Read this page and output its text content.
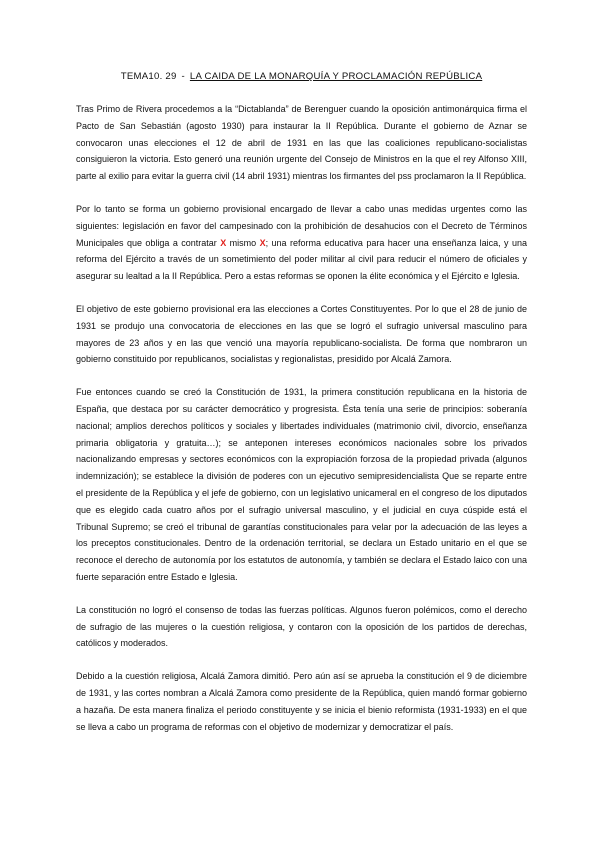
TEMA10. 29 - LA CAIDA DE LA MONARQUÍA Y PROCLAMACIÓN REPÚBLICA

Tras Primo de Rivera procedemos a la “Dictablanda” de Berenguer cuando la oposición antimonárquica firma el Pacto de San Sebastián (agosto 1930) para instaurar la II República. Durante el gobierno de Aznar se convocaron unas elecciones el 12 de abril de 1931 en las que las coaliciones republicano-socialistas consiguieron la victoria. Esto generó una reunión urgente del Consejo de Ministros en la que el rey Alfonso XIII, parte al exilio para evitar la guerra civil (14 abril 1931) mientras los firmantes del pss proclamaron la II República.

Por lo tanto se forma un gobierno provisional encargado de llevar a cabo unas medidas urgentes como las siguientes: legislación en favor del campesinado con la prohibición de desahucios con el Decreto de Términos Municipales que obliga a contratar X mismo X; una reforma educativa para hacer una enseñanza laica, y una reforma del Ejército a través de un sometimiento del poder militar al civil para reducir el número de oficiales y asegurar su lealtad a la II República. Pero a estas reformas se oponen la élite económica y el Ejército e Iglesia.

El objetivo de este gobierno provisional era las elecciones a Cortes Constituyentes. Por lo que el 28 de junio de 1931 se produjo una convocatoria de elecciones en las que se logró el sufragio universal masculino para mayores de 23 años y en las que venció una mayoría republicano-socialista. De forma que nombraron un gobierno constituido por republicanos, socialistas y regionalistas, presidido por Alcalá Zamora.

Fue entonces cuando se creó la Constitución de 1931, la primera constitución republicana en la historia de España, que destaca por su carácter democrático y progresista. Ésta tenía una serie de principios: soberanía nacional; amplios derechos políticos y sociales y libertades individuales (matrimonio civil, divorcio, enseñanza primaria obligatoria y gratuita…); se anteponen intereses económicos nacionales sobre los privados nacionalizando empresas y sectores económicos con la expropiación forzosa de la propiedad privada (algunos indemnización); se establece la división de poderes con un ejecutivo semipresidencialista Que se reparte entre el presidente de la República y el jefe de gobierno, con un legislativo unicameral en el congreso de los diputados que es elegido cada cuatro años por el sufragio universal masculino, y el judicial en cuya cúspide está el Tribunal Supremo; se creó el tribunal de garantías constitucionales para velar por la adecuación de las leyes a los preceptos constitucionales. Dentro de la ordenación territorial, se declara un Estado unitario en el que se reconoce el derecho de autonomía por los estatutos de autonomía, y también se declara el Estado laico con una fuerte separación entre Estado e Iglesia.

La constitución no logró el consenso de todas las fuerzas políticas. Algunos fueron polémicos, como el derecho de sufragio de las mujeres o la cuestión religiosa, y contaron con la oposición de los partidos de derechas, católicos y moderados.

Debido a la cuestión religiosa, Alcalá Zamora dimitió. Pero aún así se aprueba la constitución el 9 de diciembre de 1931, y las cortes nombran a Alcalá Zamora como presidente de la República, quien mandó formar gobierno a hazaña. De esta manera finaliza el periodo constituyente y se inicia el bienio reformista (1931-1933) en el que se lleva a cabo un programa de reformas con el objetivo de modernizar y democratizar el país.
